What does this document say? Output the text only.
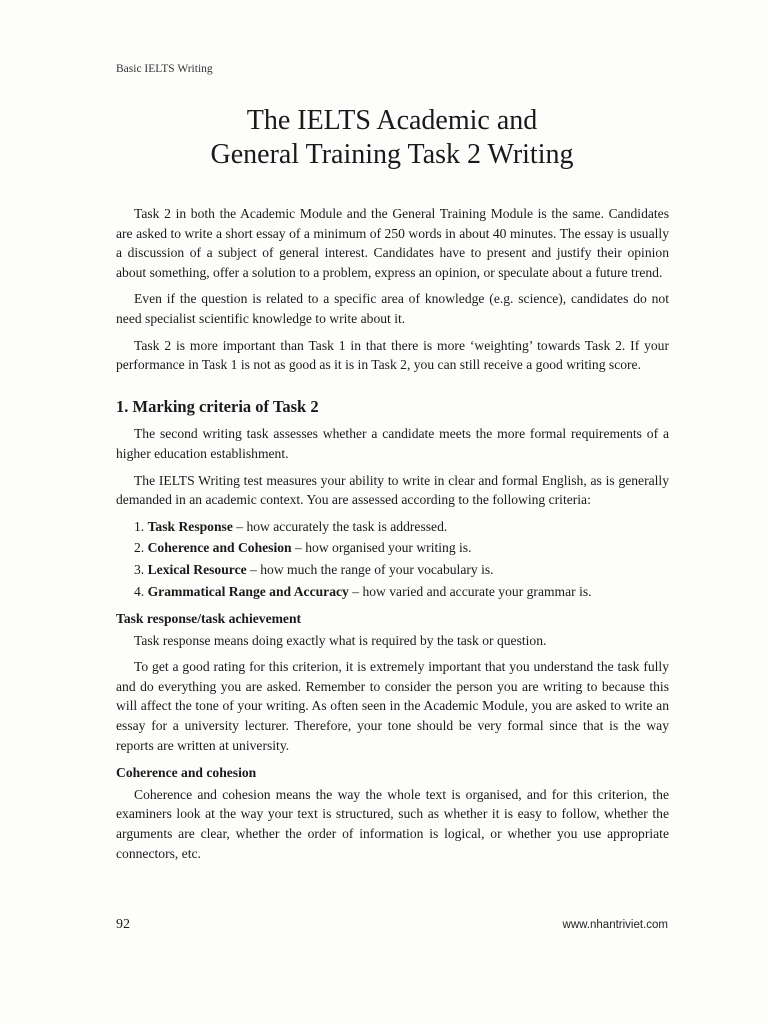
Basic IELTS Writing
The IELTS Academic and
General Training Task 2 Writing

Task 2 in both the Academic Module and the General Training Module is the same. Candidates are asked to write a short essay of a minimum of 250 words in about 40 minutes. The essay is usually a discussion of a subject of general interest. Candidates have to present and justify their opinion about something, offer a solution to a problem, express an opinion, or speculate about a future trend.

Even if the question is related to a specific area of knowledge (e.g. science), candidates do not need specialist scientific knowledge to write about it.

Task 2 is more important than Task 1 in that there is more ‘weighting’ towards Task 2. If your performance in Task 1 is not as good as it is in Task 2, you can still receive a good writing score.

1. Marking criteria of Task 2

The second writing task assesses whether a candidate meets the more formal requirements of a higher education establishment.

The IELTS Writing test measures your ability to write in clear and formal English, as is generally demanded in an academic context. You are assessed according to the following criteria:

1. Task Response – how accurately the task is addressed.
2. Coherence and Cohesion – how organised your writing is.
3. Lexical Resource – how much the range of your vocabulary is.
4. Grammatical Range and Accuracy – how varied and accurate your grammar is.
Task response/task achievement

Task response means doing exactly what is required by the task or question.

To get a good rating for this criterion, it is extremely important that you understand the task fully and do everything you are asked. Remember to consider the person you are writing to because this will affect the tone of your writing. As often seen in the Academic Module, you are asked to write an essay for a university lecturer. Therefore, your tone should be very formal since that is the way reports are written at university.

Coherence and cohesion

Coherence and cohesion means the way the whole text is organised, and for this criterion, the examiners look at the way your text is structured, such as whether it is easy to follow, whether the arguments are clear, whether the order of information is logical, or whether you use appropriate connectors, etc.

92	www.nhantriviet.com
